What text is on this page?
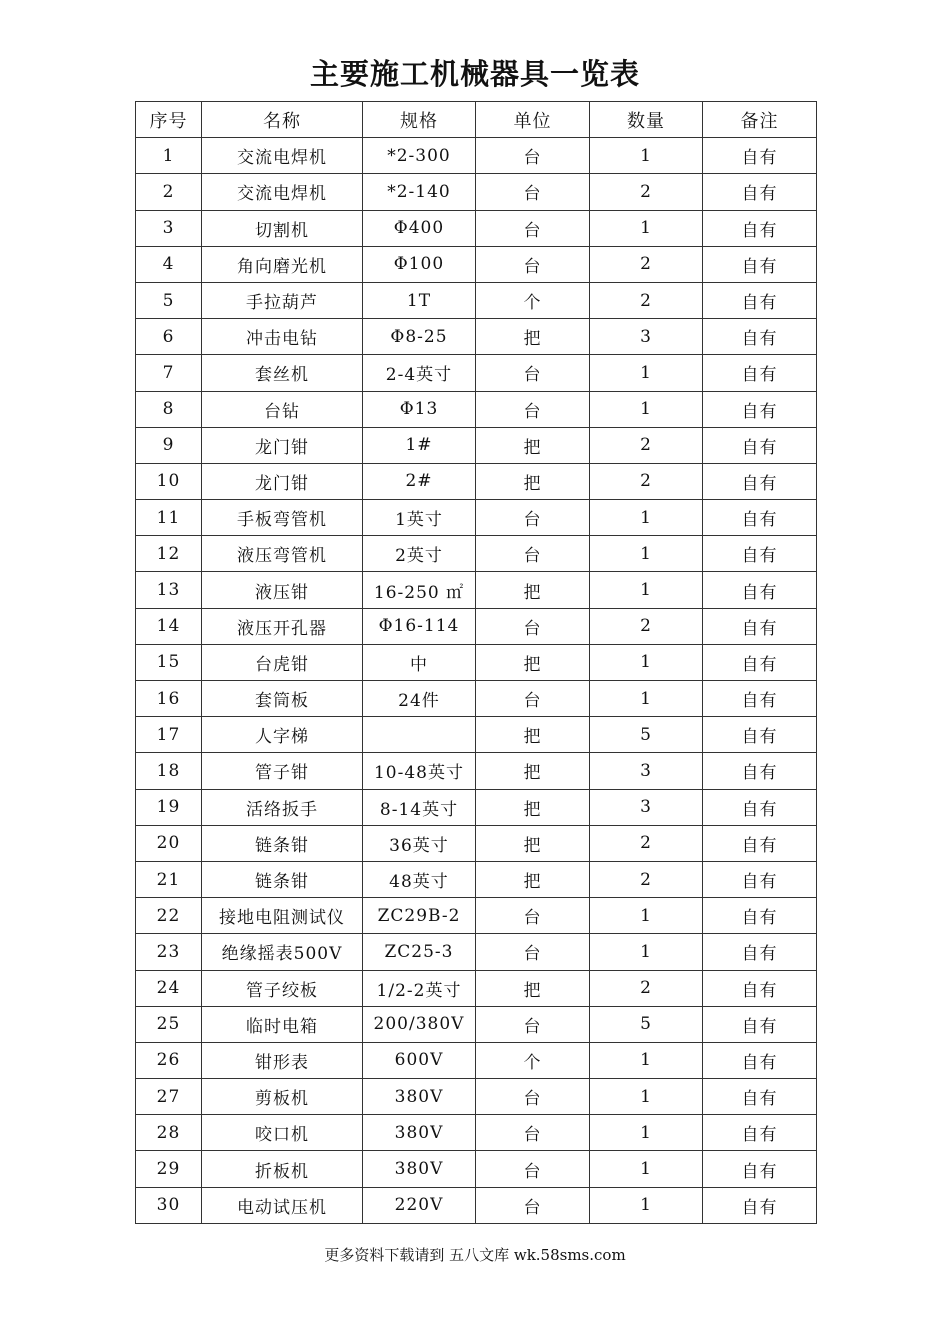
主要施工机械器具一览表
序号	名称	规格	单位	数量	备注
1	交流电焊机	*2-300	台	1	自有
2	交流电焊机	*2-140	台	2	自有
3	切割机	Φ400	台	1	自有
4	角向磨光机	Φ100	台	2	自有
5	手拉葫芦	1T	个	2	自有
6	冲击电钻	Φ8-25	把	3	自有
7	套丝机	2-4英寸	台	1	自有
8	台钻	Φ13	台	1	自有
9	龙门钳	1#	把	2	自有
10	龙门钳	2#	把	2	自有
11	手板弯管机	1英寸	台	1	自有
12	液压弯管机	2英寸	台	1	自有
13	液压钳	16-250 ㎡	把	1	自有
14	液压开孔器	Φ16-114	台	2	自有
15	台虎钳	中	把	1	自有
16	套筒板	24件	台	1	自有
17	人字梯		把	5	自有
18	管子钳	10-48英寸	把	3	自有
19	活络扳手	8-14英寸	把	3	自有
20	链条钳	36英寸	把	2	自有
21	链条钳	48英寸	把	2	自有
22	接地电阻测试仪	ZC29B-2	台	1	自有
23	绝缘摇表500V	ZC25-3	台	1	自有
24	管子绞板	1/2-2英寸	把	2	自有
25	临时电箱	200/380V	台	5	自有
26	钳形表	600V	个	1	自有
27	剪板机	380V	台	1	自有
28	咬口机	380V	台	1	自有
29	折板机	380V	台	1	自有
30	电动试压机	220V	台	1	自有
更多资料下载请到 五八文库 wk.58sms.com
